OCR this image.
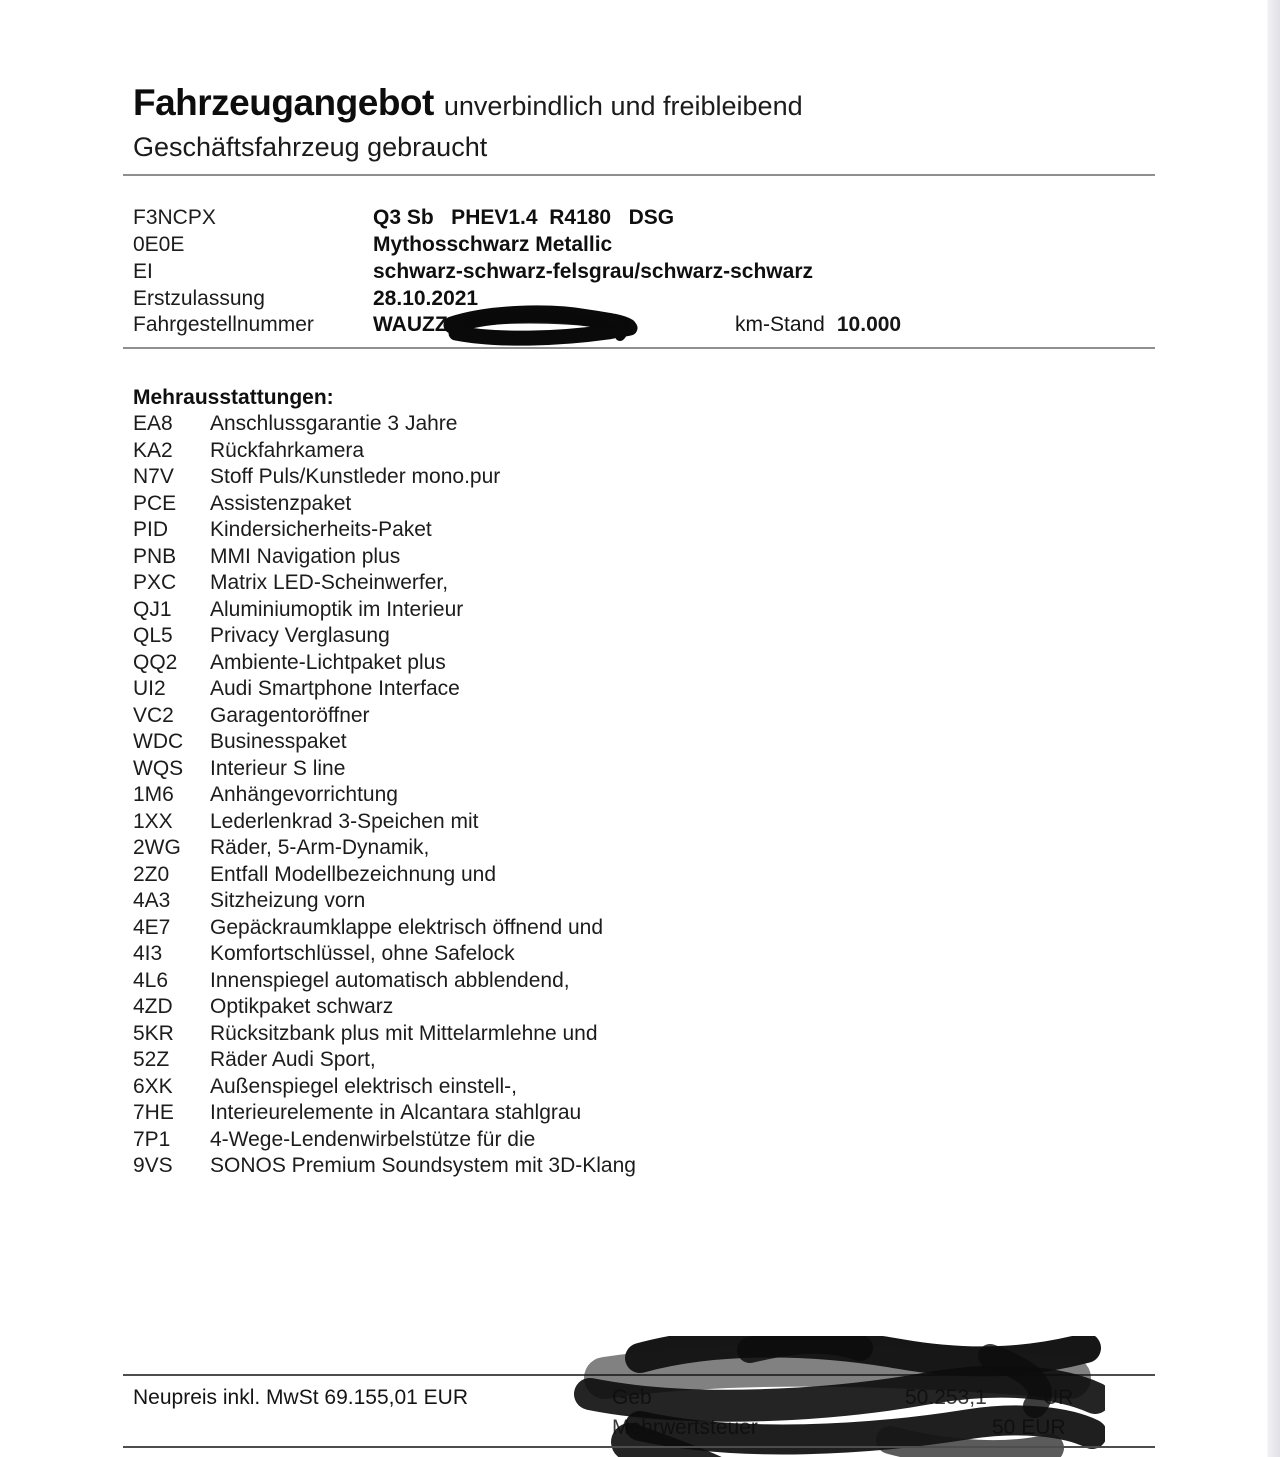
Fahrzeugangebot unverbindlich und freibleibend
Geschäftsfahrzeug gebraucht
F3NCPX	Q3 Sb   PHEV1.4  R4180   DSG
0E0E	Mythosschwarz Metallic
EI	schwarz-schwarz-felsgrau/schwarz-schwarz
Erstzulassung	28.10.2021
Fahrgestellnummer	WAUZZ	km-Stand 10.000
Mehrausstattungen:
EA8	Anschlussgarantie 3 Jahre
KA2	Rückfahrkamera
N7V	Stoff Puls/Kunstleder mono.pur
PCE	Assistenzpaket
PID	Kindersicherheits-Paket
PNB	MMI Navigation plus
PXC	Matrix LED-Scheinwerfer,
QJ1	Aluminiumoptik im Interieur
QL5	Privacy Verglasung
QQ2	Ambiente-Lichtpaket plus
UI2	Audi Smartphone Interface
VC2	Garagentoröffner
WDC	Businesspaket
WQS	Interieur S line
1M6	Anhängevorrichtung
1XX	Lederlenkrad 3-Speichen mit
2WG	Räder, 5-Arm-Dynamik,
2Z0	Entfall Modellbezeichnung und
4A3	Sitzheizung vorn
4E7	Gepäckraumklappe elektrisch öffnend und
4I3	Komfortschlüssel, ohne Safelock
4L6	Innenspiegel automatisch abblendend,
4ZD	Optikpaket schwarz
5KR	Rücksitzbank plus mit Mittelarmlehne und
52Z	Räder Audi Sport,
6XK	Außenspiegel elektrisch einstell-,
7HE	Interieurelemente in Alcantara stahlgrau
7P1	4-Wege-Lendenwirbelstütze für die
9VS	SONOS Premium Soundsystem mit 3D-Klang
Neupreis inkl. MwSt 69.155,01 EUR	Geb	50.253,1	UR
Mehrwertsteuer	50 EUR
